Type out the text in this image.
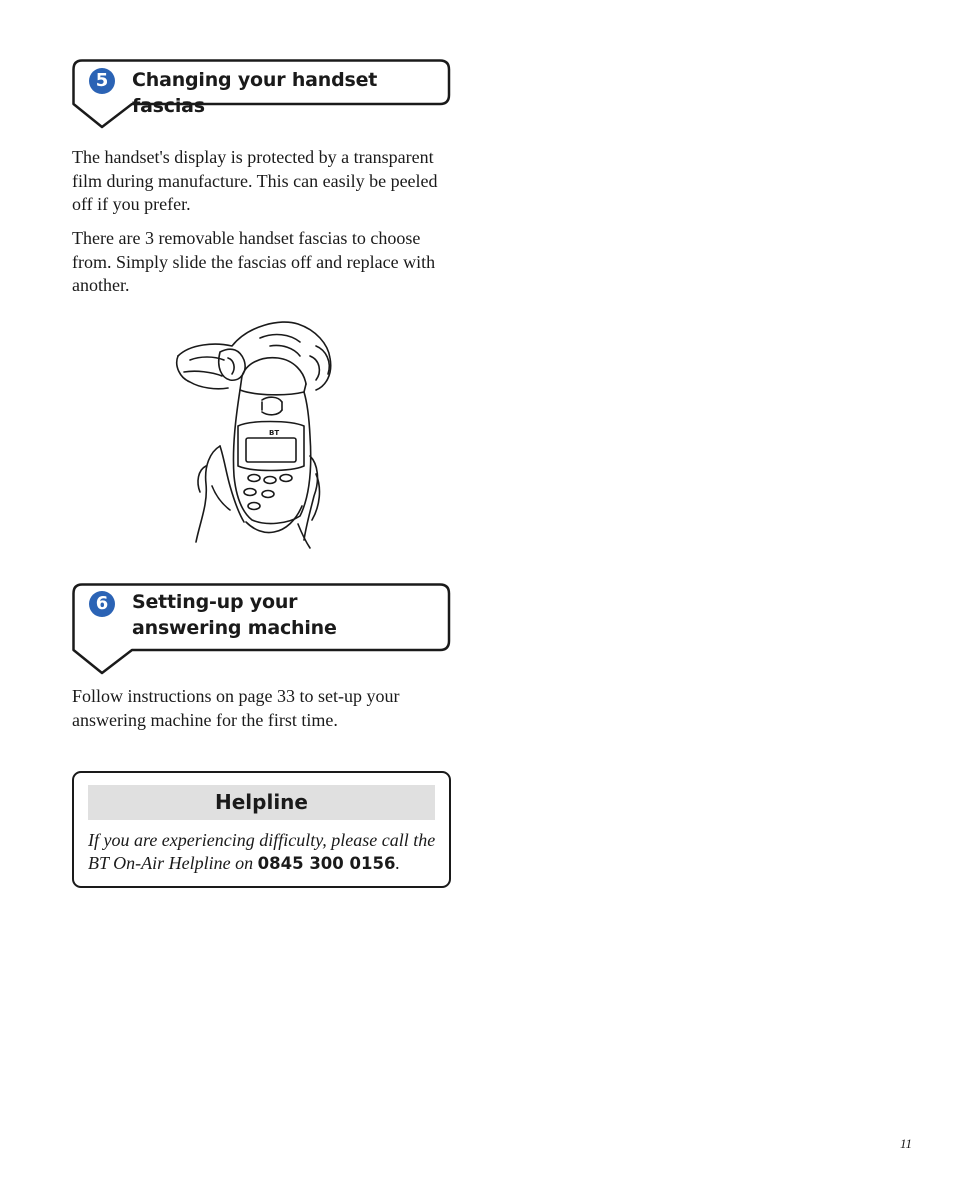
5	Changing your handset fascias

The handset's display is protected by a transparent film during manufacture. This can easily be peeled off if you prefer.

There are 3 removable handset fascias to choose from. Simply slide the fascias off and replace with another.

BT
6	Setting-up your answering machine

Follow instructions on page 33 to set-up your answering machine for the first time.

Helpline
If you are experiencing difficulty, please call the BT On-Air Helpline on 0845 300 0156.
11
